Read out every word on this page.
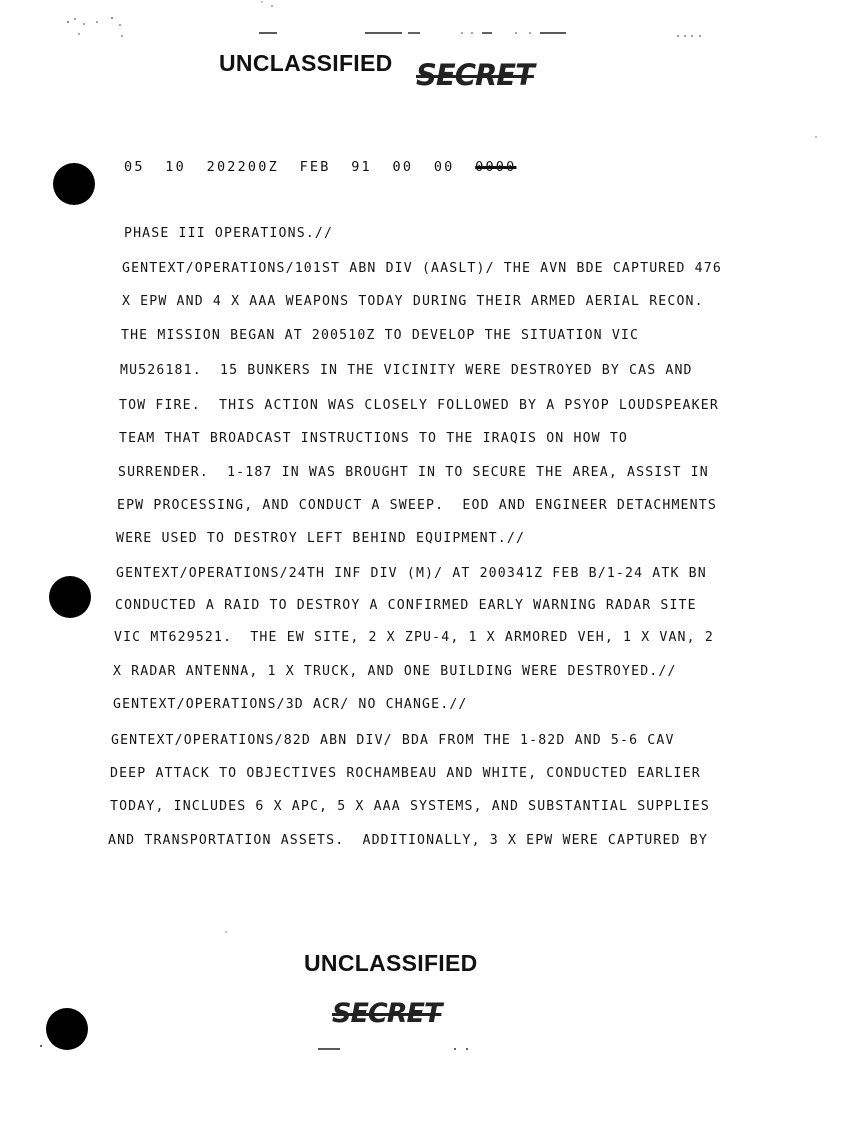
UNCLASSIFIED SECRET
05  10  202200Z  FEB  91  00  00  0000
PHASE III OPERATIONS.//
GENTEXT/OPERATIONS/101ST ABN DIV (AASLT)/ THE AVN BDE CAPTURED 476
X EPW AND 4 X AAA WEAPONS TODAY DURING THEIR ARMED AERIAL RECON.
THE MISSION BEGAN AT 200510Z TO DEVELOP THE SITUATION VIC
MU526181.  15 BUNKERS IN THE VICINITY WERE DESTROYED BY CAS AND
TOW FIRE.  THIS ACTION WAS CLOSELY FOLLOWED BY A PSYOP LOUDSPEAKER
TEAM THAT BROADCAST INSTRUCTIONS TO THE IRAQIS ON HOW TO
SURRENDER.  1-187 IN WAS BROUGHT IN TO SECURE THE AREA, ASSIST IN
EPW PROCESSING, AND CONDUCT A SWEEP.  EOD AND ENGINEER DETACHMENTS
WERE USED TO DESTROY LEFT BEHIND EQUIPMENT.//
GENTEXT/OPERATIONS/24TH INF DIV (M)/ AT 200341Z FEB B/1-24 ATK BN
CONDUCTED A RAID TO DESTROY A CONFIRMED EARLY WARNING RADAR SITE
VIC MT629521.  THE EW SITE, 2 X ZPU-4, 1 X ARMORED VEH, 1 X VAN, 2
X RADAR ANTENNA, 1 X TRUCK, AND ONE BUILDING WERE DESTROYED.//
GENTEXT/OPERATIONS/3D ACR/ NO CHANGE.//
GENTEXT/OPERATIONS/82D ABN DIV/ BDA FROM THE 1-82D AND 5-6 CAV
DEEP ATTACK TO OBJECTIVES ROCHAMBEAU AND WHITE, CONDUCTED EARLIER
TODAY, INCLUDES 6 X APC, 5 X AAA SYSTEMS, AND SUBSTANTIAL SUPPLIES
AND TRANSPORTATION ASSETS.  ADDITIONALLY, 3 X EPW WERE CAPTURED BY
UNCLASSIFIED
SECRET
